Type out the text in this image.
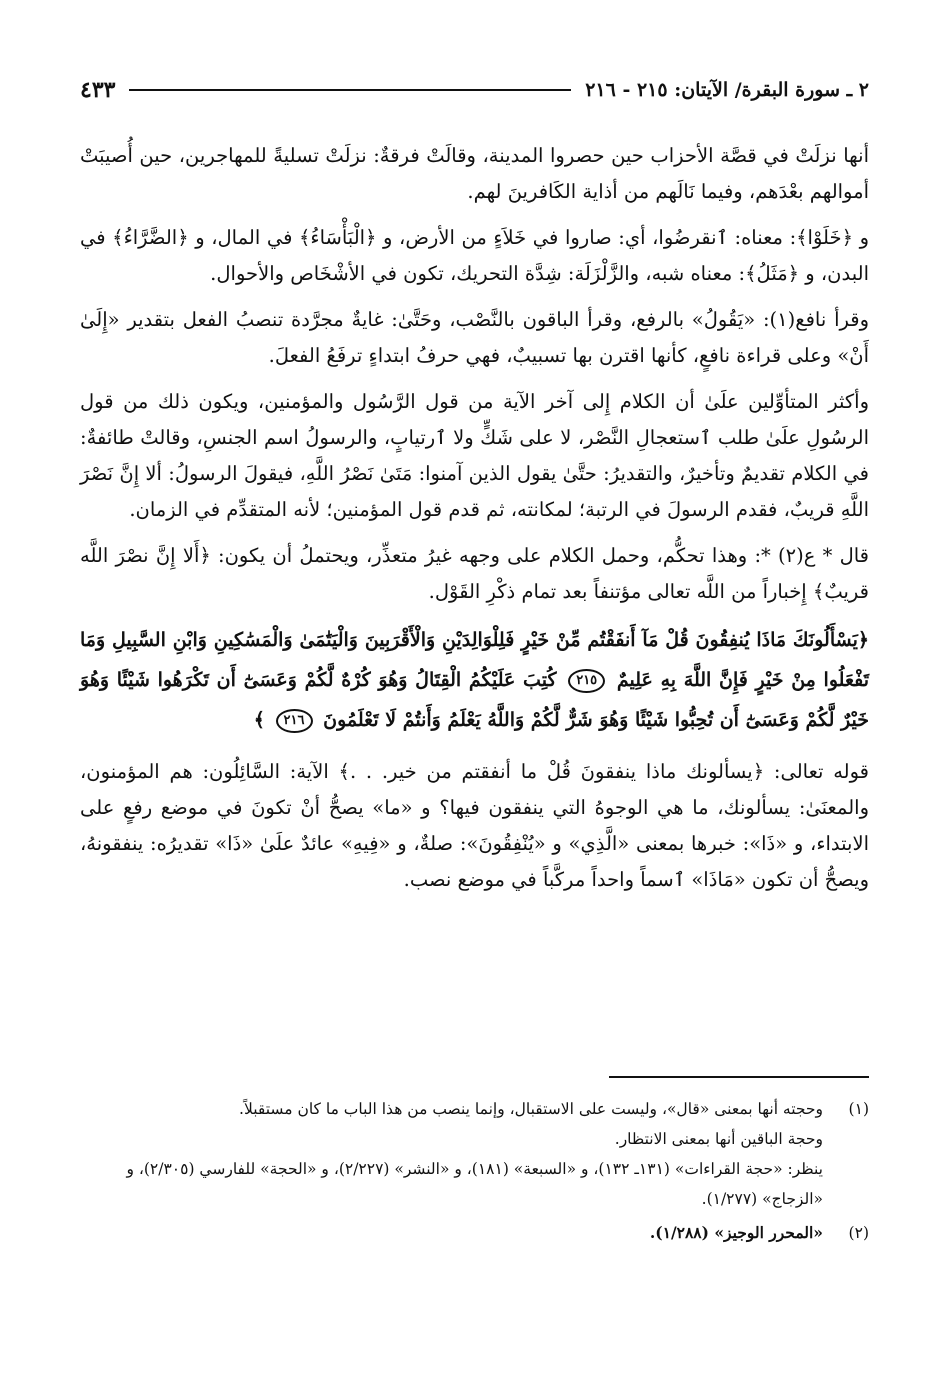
٢ ـ سورة البقرة/ الآيتان: ٢١٥ - ٢١٦
٤٣٣

أنها نزلَتْ في قصَّة الأحزاب حين حصروا المدينة، وقالَتْ فرقةٌ: نزلَتْ تسليةً للمهاجرين، حين أُصيبَتْ أموالهم بعْدَهم، وفيما نَالَهم من أذاية الكَافرينَ لهم.

و ﴿خَلَوْا﴾: معناه: ٱنقرضُوا، أي: صاروا في خَلاَءٍ من الأرض، و ﴿الْبَأْسَاءُ﴾ في المال، و ﴿الضَّرَّاءُ﴾ في البدن، و ﴿مَثَلُ﴾: معناه شبه، والزَّلْزَلَة: شِدَّة التحريك، تكون في الأشْخَاص والأحوال.

وقرأ نافع(١): «يَقُولُ» بالرفع، وقرأ الباقون بالنَّصْب، وحَتَّىٰ: غايةٌ مجرَّدة تنصبُ الفعل بتقدير «إِلَىٰ أَنْ» وعلى قراءة نافعٍ، كأنها اقترن بها تسبيبٌ، فهي حرفُ ابتداءٍ ترفَعُ الفعلَ.

وأكثر المتأوِّلين علَىٰ أن الكلام إِلى آخر الآية من قول الرَّسُول والمؤمنين، ويكون ذلك من قول الرسُولِ علَىٰ طلب ٱستعجالِ النَّصْر، لا على شَكٍّ ولا ٱرتيابٍ، والرسولُ اسم الجنسِ، وقالتْ طائفةٌ: في الكلام تقديمٌ وتأخيرٌ، والتقديرُ: حتَّىٰ يقول الذين آمنوا: مَتَىٰ نَصْرُ اللَّهِ، فيقولَ الرسولُ: ألا إِنَّ نَصْرَ اللَّهِ قريبٌ، فقدم الرسولَ في الرتبة؛ لمكانته، ثم قدم قول المؤمنين؛ لأنه المتقدِّم في الزمان.

قال * ع(٢) *: وهذا تحكُّم، وحمل الكلام على وجهه غيرُ متعذِّر، ويحتملُ أن يكون: ﴿أَلا إِنَّ نصْرَ اللَّه قريبٌ﴾ إِخباراً من اللَّه تعالى مؤتنفاً بعد تمام ذكْرِ القَوْل.

﴿يَسْأَلُونَكَ مَاذَا يُنفِقُونَ قُلْ مَآ أَنفَقْتُم مِّنْ خَيْرٍ فَلِلْوَالِدَيْنِ وَالْأَقْرَبِينَ وَالْيَتَٰمَىٰ وَالْمَسَٰكِينِ وَابْنِ السَّبِيلِ وَمَا تَفْعَلُوا مِنْ خَيْرٍ فَإِنَّ اللَّهَ بِهِ عَلِيمٌ ٢١٥ كُتِبَ عَلَيْكُمُ الْقِتَالُ وَهُوَ كُرْهٌ لَّكُمْ وَعَسَىٰٓ أَن تَكْرَهُوا شَيْئًا وَهُوَ خَيْرٌ لَّكُمْ وَعَسَىٰٓ أَن تُحِبُّوا شَيْئًا وَهُوَ شَرٌّ لَّكُمْ وَاللَّهُ يَعْلَمُ وَأَنتُمْ لَا تَعْلَمُونَ ٢١٦ ﴾

قوله تعالى: ﴿يسألونك ماذا ينفقونَ قُلْ ما أنفقتم من خير. . .﴾ الآية: السَّائِلُون: هم المؤمنون، والمعنَىٰ: يسألونك، ما هي الوجوهُ التي ينفقون فيها؟ و «ما» يصحُّ أنْ تكونَ في موضع رفعٍ على الابتداء، و «ذَا»: خبرها بمعنى «الَّذِي» و «يُنْفِقُونَ»: صلةٌ، و «فِيهِ» عائدٌ علَىٰ «ذَا» تقديرُه: ينفقونهُ، ويصحُّ أن تكون «مَاذَا» ٱسماً واحداً مركَّباً في موضع نصب.

(١)
وحجته أنها بمعنى «قال»، وليست على الاستقبال، وإنما ينصب من هذا الباب ما كان مستقبلاً.
وحجة الباقين أنها بمعنى الانتظار.
ينظر: «حجة القراءات» (١٣١ـ ١٣٢)، و «السبعة» (١٨١)، و «النشر» (٢/٢٢٧)، و «الحجة» للفارسي (٢/٣٠٥)، و «الزجاج» (١/٢٧٧).
(٢)
«المحرر الوجيز» (١/٢٨٨).
